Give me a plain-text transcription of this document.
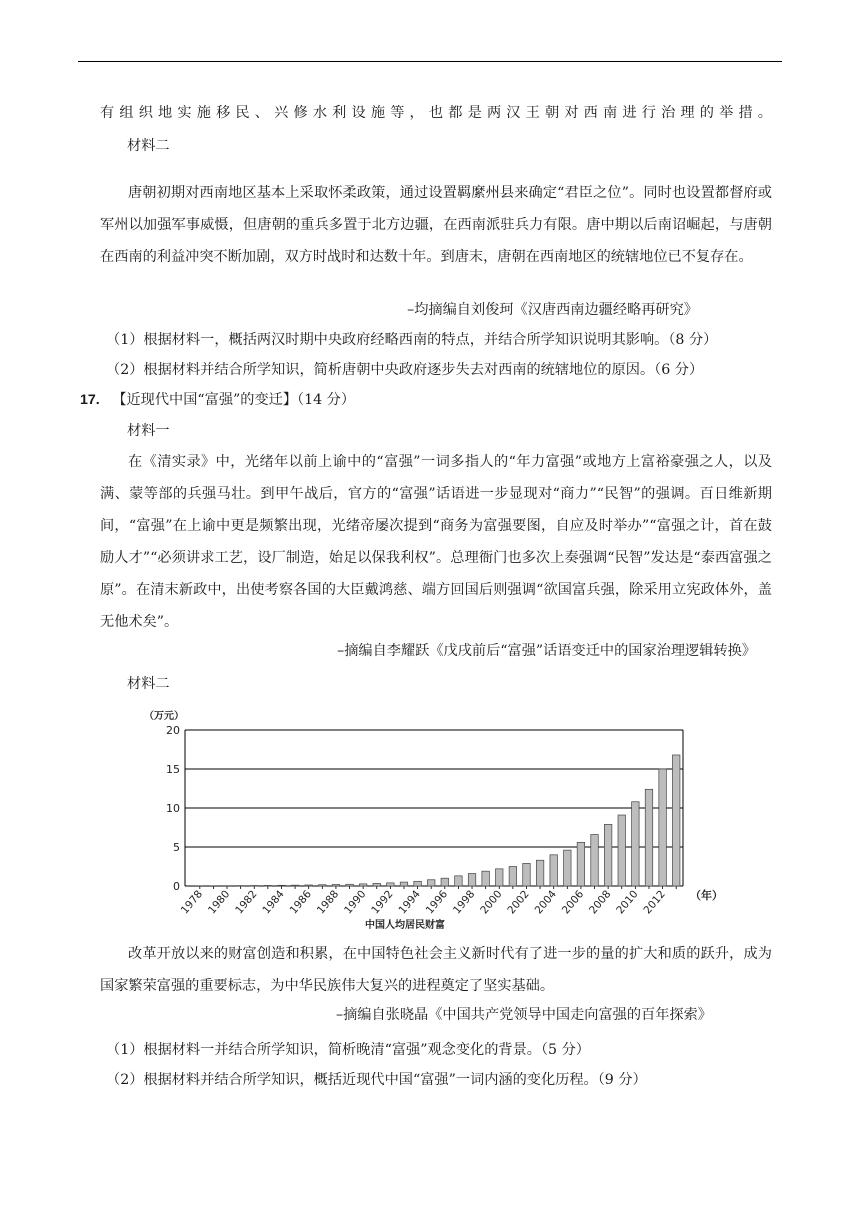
有组织地实施移民、兴修水利设施等，也都是两汉王朝对西南进行治理的举措。
材料二
唐朝初期对西南地区基本上采取怀柔政策，通过设置羁縻州县来确定“君臣之位”。同时也设置都督府或军州以加强军事威慑，但唐朝的重兵多置于北方边疆，在西南派驻兵力有限。唐中期以后南诏崛起，与唐朝在西南的利益冲突不断加剧，双方时战时和达数十年。到唐末，唐朝在西南地区的统辖地位已不复存在。
–均摘编自刘俊珂《汉唐西南边疆经略再研究》
（1）根据材料一，概括两汉时期中央政府经略西南的特点，并结合所学知识说明其影响。（8 分）
（2）根据材料并结合所学知识，简析唐朝中央政府逐步失去对西南的统辖地位的原因。（6 分）
17. 【近现代中国“富强”的变迁】（14 分）
材料一
在《清实录》中，光绪年以前上谕中的“富强”一词多指人的“年力富强”或地方上富裕豪强之人，以及满、蒙等部的兵强马壮。到甲午战后，官方的“富强”话语进一步显现对“商力”“民智”的强调。百日维新期间，“富强”在上谕中更是频繁出现，光绪帝屡次提到“商务为富强要图，自应及时举办”“富强之计，首在鼓励人才”“必须讲求工艺，设厂制造，始足以保我利权”。总理衙门也多次上奏强调“民智”发达是“泰西富强之原”。在清末新政中，出使考察各国的大臣戴鸿慈、端方回国后则强调“欲国富兵强，除采用立宪政体外，盖无他术矣”。
–摘编自李耀跃《戊戌前后“富强”话语变迁中的国家治理逻辑转换》
材料二
（万元）
0
5
10
15
20
1978 1980 1982 1984 1986 1988 1990 1992 1994 1996 1998 2000 2002 2004 2006 2008 2010 2012 （年）
中国人均居民财富
改革开放以来的财富创造和积累，在中国特色社会主义新时代有了进一步的量的扩大和质的跃升，成为国家繁荣富强的重要标志，为中华民族伟大复兴的进程奠定了坚实基础。
–摘编自张晓晶《中国共产党领导中国走向富强的百年探索》
（1）根据材料一并结合所学知识，简析晚清“富强”观念变化的背景。（5 分）
（2）根据材料并结合所学知识，概括近现代中国“富强”一词内涵的变化历程。（9 分）
